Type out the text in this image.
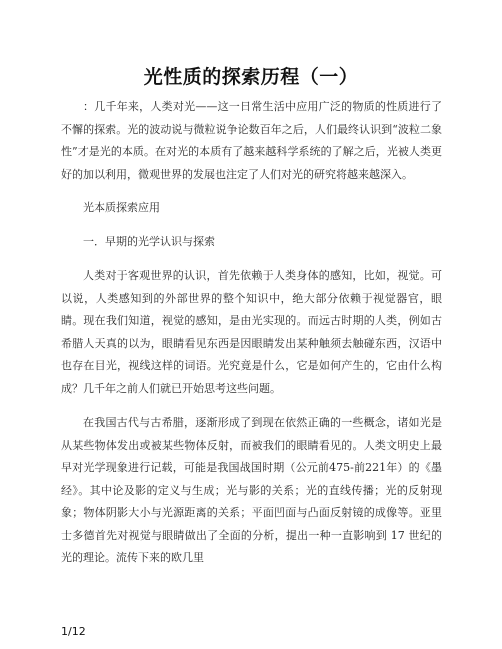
光性质的探索历程（一）

：几千年来，人类对光——这一日常生活中应用广泛的物质的性质进行了不懈的探索。光的波动说与微粒说争论数百年之后，人们最终认识到“波粒二象性”才是光的本质。在对光的本质有了越来越科学系统的了解之后，光被人类更好的加以利用，微观世界的发展也注定了人们对光的研究将越来越深入。

光本质探索应用

一．早期的光学认识与探索

人类对于客观世界的认识，首先依赖于人类身体的感知，比如，视觉。可以说，人类感知到的外部世界的整个知识中，绝大部分依赖于视觉器官，眼睛。现在我们知道，视觉的感知，是由光实现的。而远古时期的人类，例如古希腊人天真的以为，眼睛看见东西是因眼睛发出某种触须去触碰东西，汉语中也存在目光，视线这样的词语。光究竟是什么，它是如何产生的，它由什么构成？几千年之前人们就已开始思考这些问题。

在我国古代与古希腊，逐渐形成了到现在依然正确的一些概念，诸如光是从某些物体发出或被某些物体反射，而被我们的眼睛看见的。人类文明史上最早对光学现象进行记载，可能是我国战国时期（公元前475-前221年）的《墨经》。其中论及影的定义与生成；光与影的关系；光的直线传播；光的反射现象；物体阴影大小与光源距离的关系；平面凹面与凸面反射镜的成像等。亚里士多德首先对视觉与眼睛做出了全面的分析，提出一种一直影响到 17 世纪的光的理论。流传下来的欧几里

1/12
